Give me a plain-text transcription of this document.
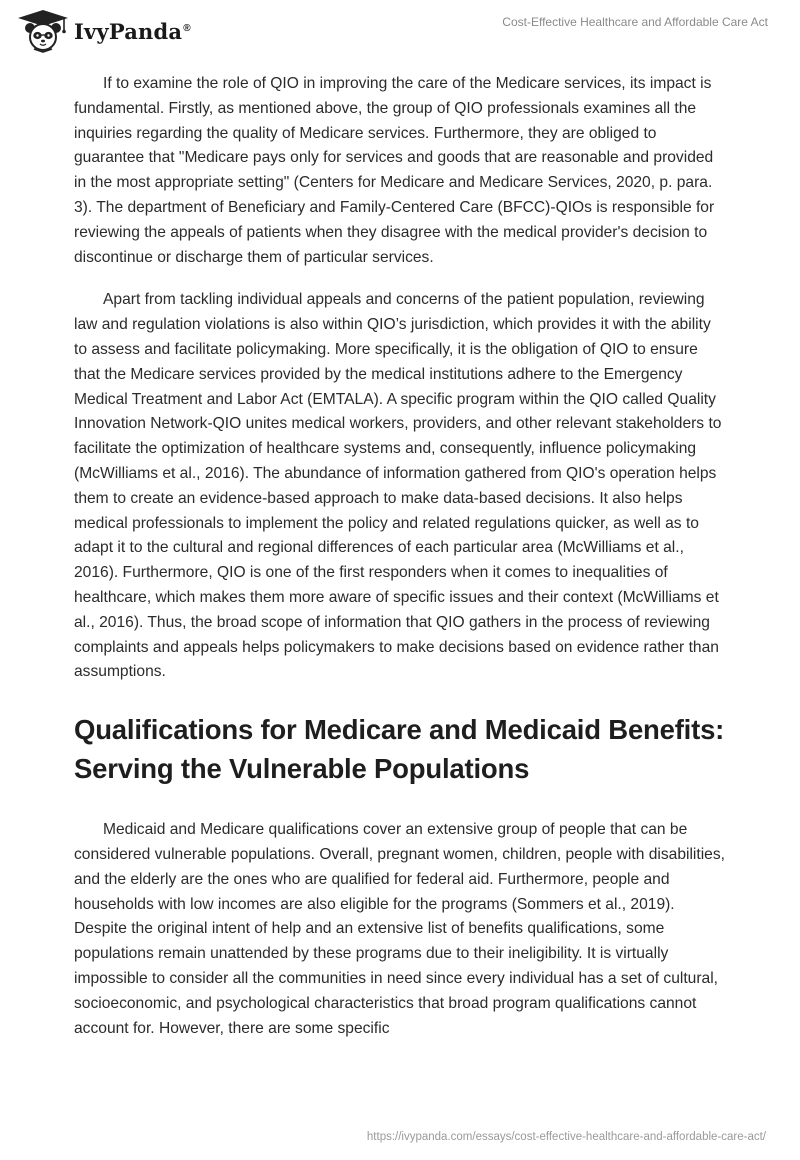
IvyPanda®	Cost-Effective Healthcare and Affordable Care Act

If to examine the role of QIO in improving the care of the Medicare services, its impact is fundamental. Firstly, as mentioned above, the group of QIO professionals examines all the inquiries regarding the quality of Medicare services. Furthermore, they are obliged to guarantee that "Medicare pays only for services and goods that are reasonable and provided in the most appropriate setting" (Centers for Medicare and Medicare Services, 2020, p. para. 3). The department of Beneficiary and Family-Centered Care (BFCC)-QIOs is responsible for reviewing the appeals of patients when they disagree with the medical provider's decision to discontinue or discharge them of particular services.

Apart from tackling individual appeals and concerns of the patient population, reviewing law and regulation violations is also within QIO’s jurisdiction, which provides it with the ability to assess and facilitate policymaking. More specifically, it is the obligation of QIO to ensure that the Medicare services provided by the medical institutions adhere to the Emergency Medical Treatment and Labor Act (EMTALA). A specific program within the QIO called Quality Innovation Network-QIO unites medical workers, providers, and other relevant stakeholders to facilitate the optimization of healthcare systems and, consequently, influence policymaking (McWilliams et al., 2016). The abundance of information gathered from QIO's operation helps them to create an evidence-based approach to make data-based decisions. It also helps medical professionals to implement the policy and related regulations quicker, as well as to adapt it to the cultural and regional differences of each particular area (McWilliams et al., 2016). Furthermore, QIO is one of the first responders when it comes to inequalities of healthcare, which makes them more aware of specific issues and their context (McWilliams et al., 2016). Thus, the broad scope of information that QIO gathers in the process of reviewing complaints and appeals helps policymakers to make decisions based on evidence rather than assumptions.

Qualifications for Medicare and Medicaid Benefits: Serving the Vulnerable Populations

Medicaid and Medicare qualifications cover an extensive group of people that can be considered vulnerable populations. Overall, pregnant women, children, people with disabilities, and the elderly are the ones who are qualified for federal aid. Furthermore, people and households with low incomes are also eligible for the programs (Sommers et al., 2019). Despite the original intent of help and an extensive list of benefits qualifications, some populations remain unattended by these programs due to their ineligibility. It is virtually impossible to consider all the communities in need since every individual has a set of cultural, socioeconomic, and psychological characteristics that broad program qualifications cannot account for. However, there are some specific

https://ivypanda.com/essays/cost-effective-healthcare-and-affordable-care-act/
